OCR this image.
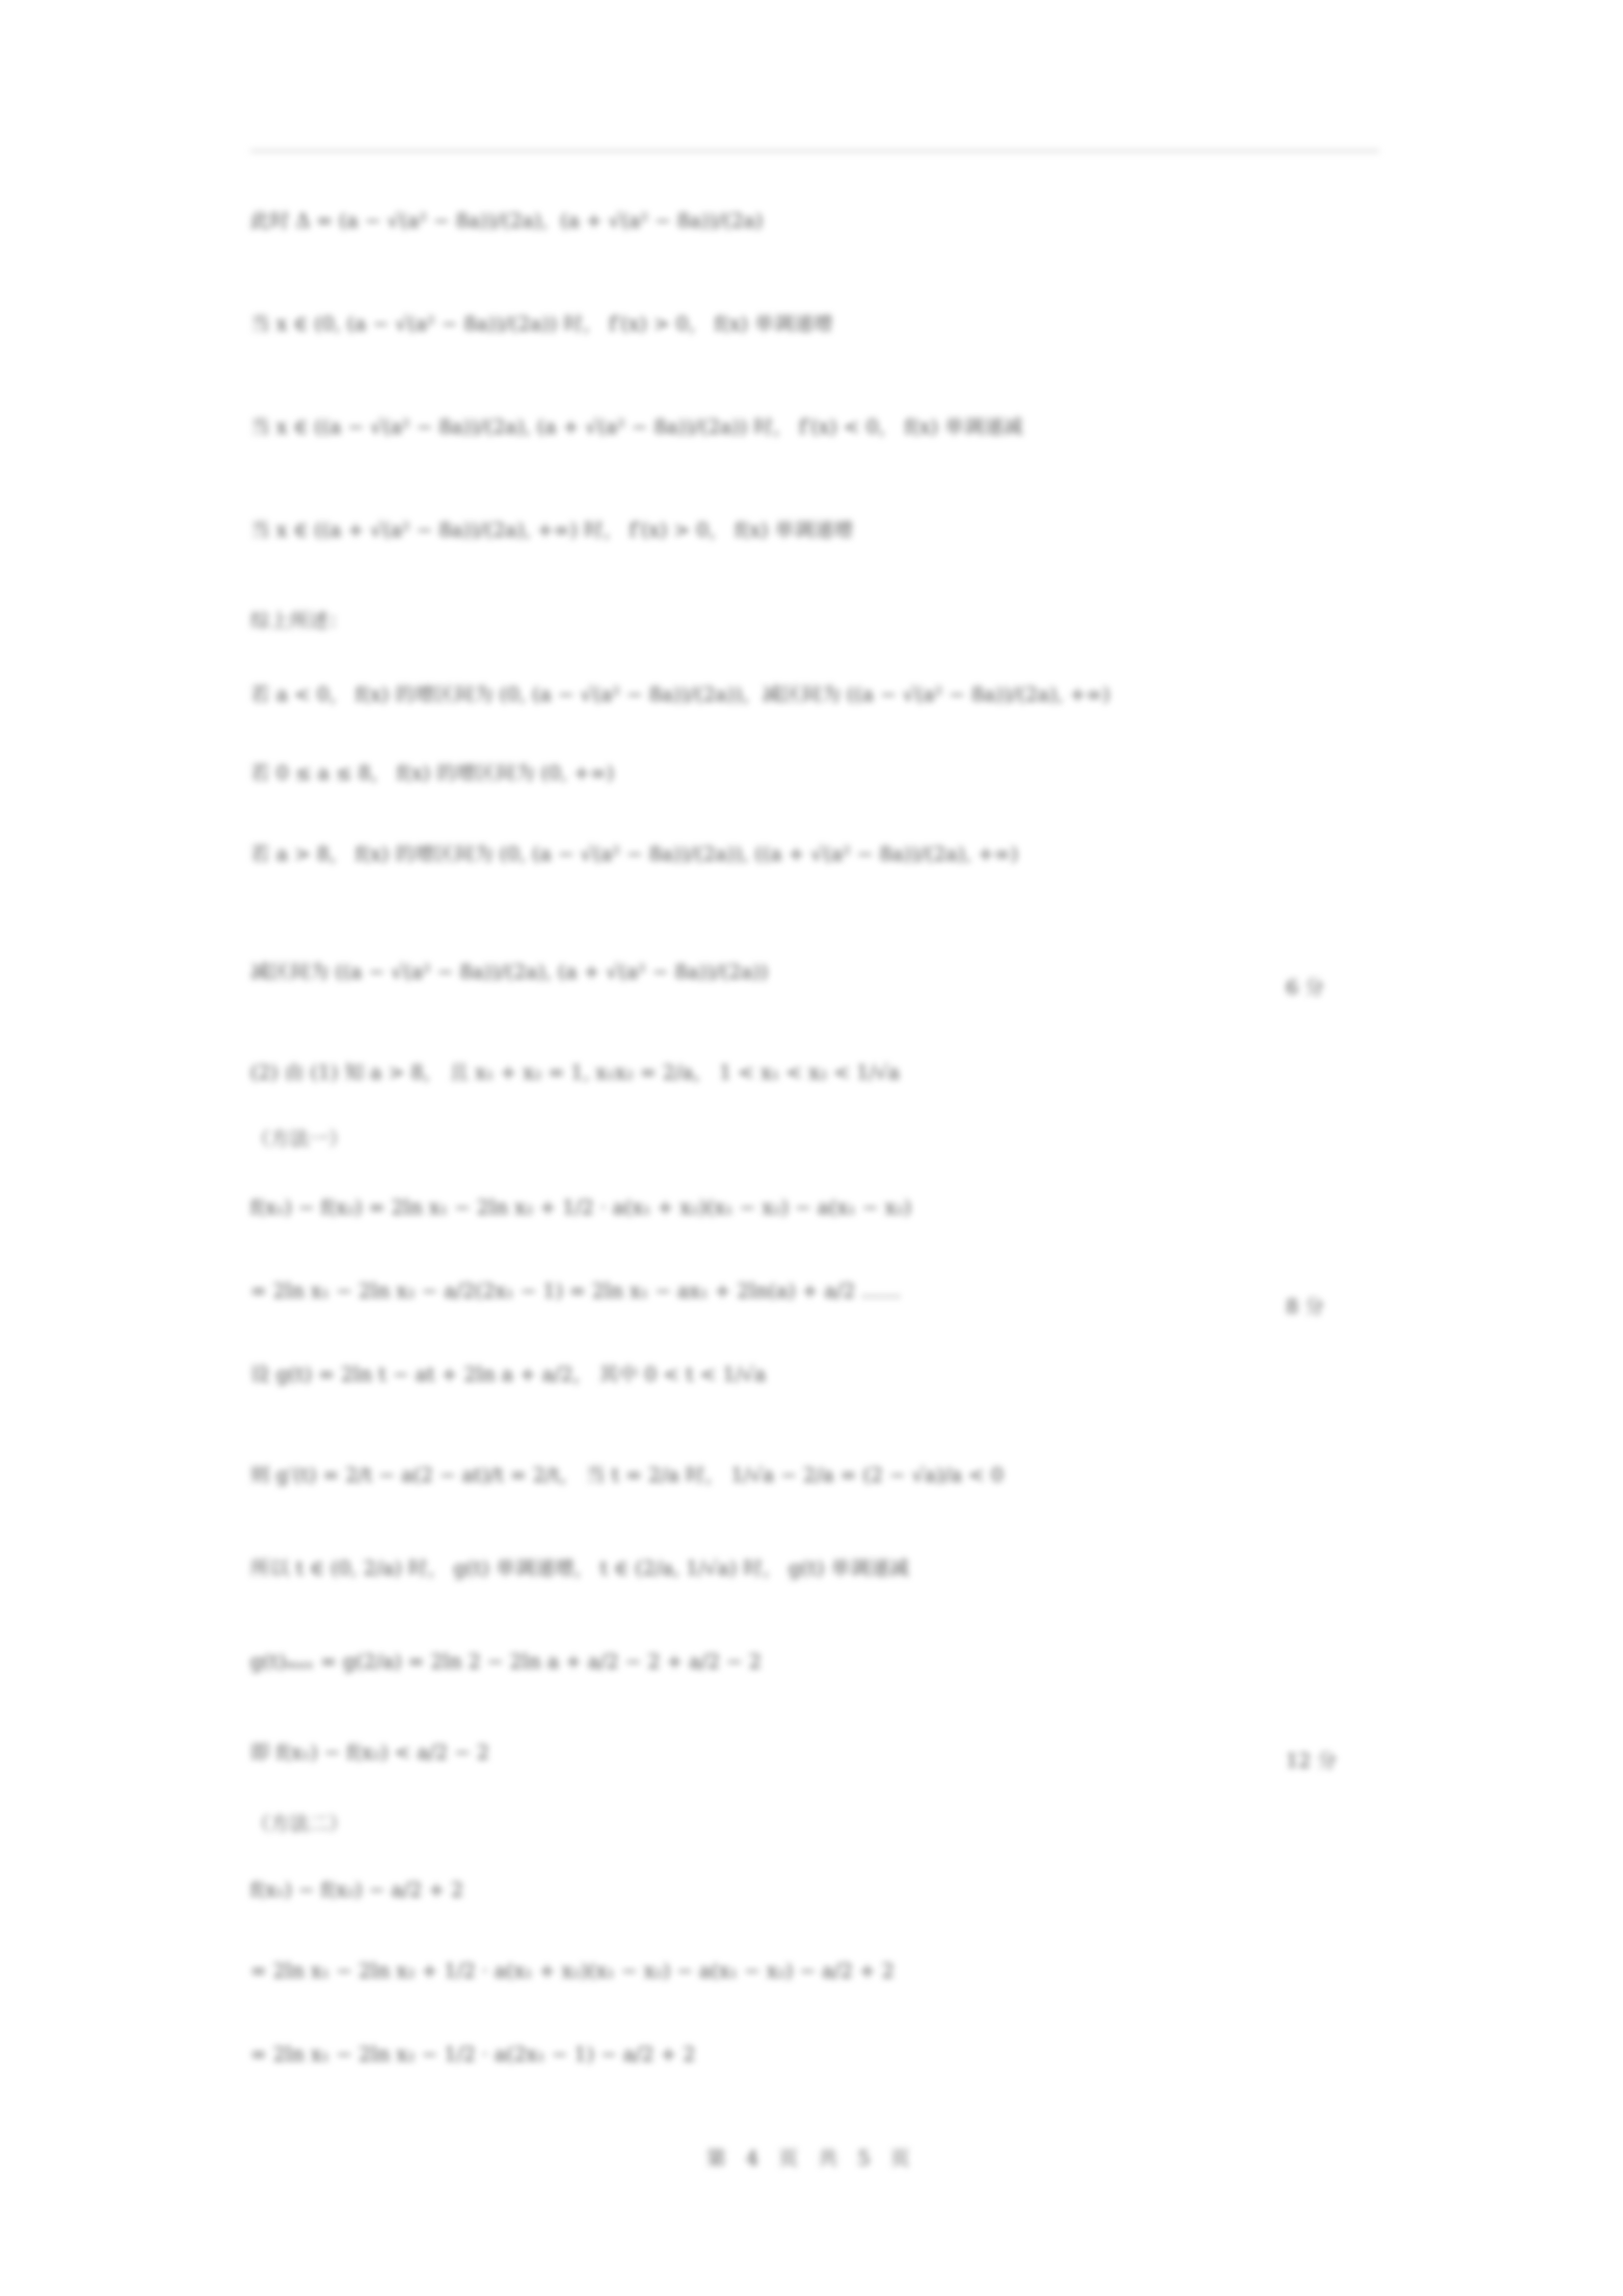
此时 Δ = (a − √(a² − 8a))/(2a),  (a + √(a² − 8a))/(2a)
当 x ∈ (0, (a − √(a² − 8a))/(2a)) 时， f′(x) > 0， f(x) 单调递增
当 x ∈ ((a − √(a² − 8a))/(2a), (a + √(a² − 8a))/(2a)) 时， f′(x) < 0， f(x) 单调递减
当 x ∈ ((a + √(a² − 8a))/(2a), +∞) 时， f′(x) > 0， f(x) 单调递增
综上所述：
若 a < 0， f(x) 的增区间为 (0, (a − √(a² − 8a))/(2a))，减区间为 ((a − √(a² − 8a))/(2a), +∞)
若 0 ≤ a ≤ 8， f(x) 的增区间为 (0, +∞)
若 a > 8， f(x) 的增区间为 (0, (a − √(a² − 8a))/(2a)), ((a + √(a² − 8a))/(2a), +∞)
减区间为 ((a − √(a² − 8a))/(2a), (a + √(a² − 8a))/(2a))
(2) 由 (1) 知 a > 8， 且 x₁ + x₂ = 1, x₁x₂ = 2/a， 1 < x₁ < x₂ < 1/√a
（方法一）
f(x₁) − f(x₂) = 2ln x₁ − 2ln x₂ + 1/2 · a(x₁ + x₂)(x₁ − x₂) − a(x₁ − x₂)
= 2ln x₁ − 2ln x₂ − a/2(2x₁ − 1) = 2ln x₁ − ax₁ + 2ln(a) + a/2 ……
设 g(t) = 2ln t − at + 2ln a + a/2， 其中 0 < t < 1/√a
则 g′(t) = 2/t − a(2 − at)/t = 2/t， 当 t = 2/a 时， 1/√a − 2/a = (2 − √a)/a < 0
所以 t ∈ (0, 2/a) 时， g(t) 单调递增， t ∈ (2/a, 1/√a) 时， g(t) 单调递减
g(t)ₘₐₓ = g(2/a) = 2ln 2 − 2ln a + a/2 − 2 + a/2 − 2
即 f(x₁) − f(x₂) < a/2 − 2
（方法二）
f(x₁) − f(x₂) − a/2 + 2
= 2ln x₁ − 2ln x₂ + 1/2 · a(x₁ + x₂)(x₁ − x₂) − a(x₁ − x₂) − a/2 + 2
= 2ln x₁ − 2ln x₂ − 1/2 · a(2x₁ − 1) − a/2 + 2
6 分
8 分
12 分
第 4 页 共 5 页
